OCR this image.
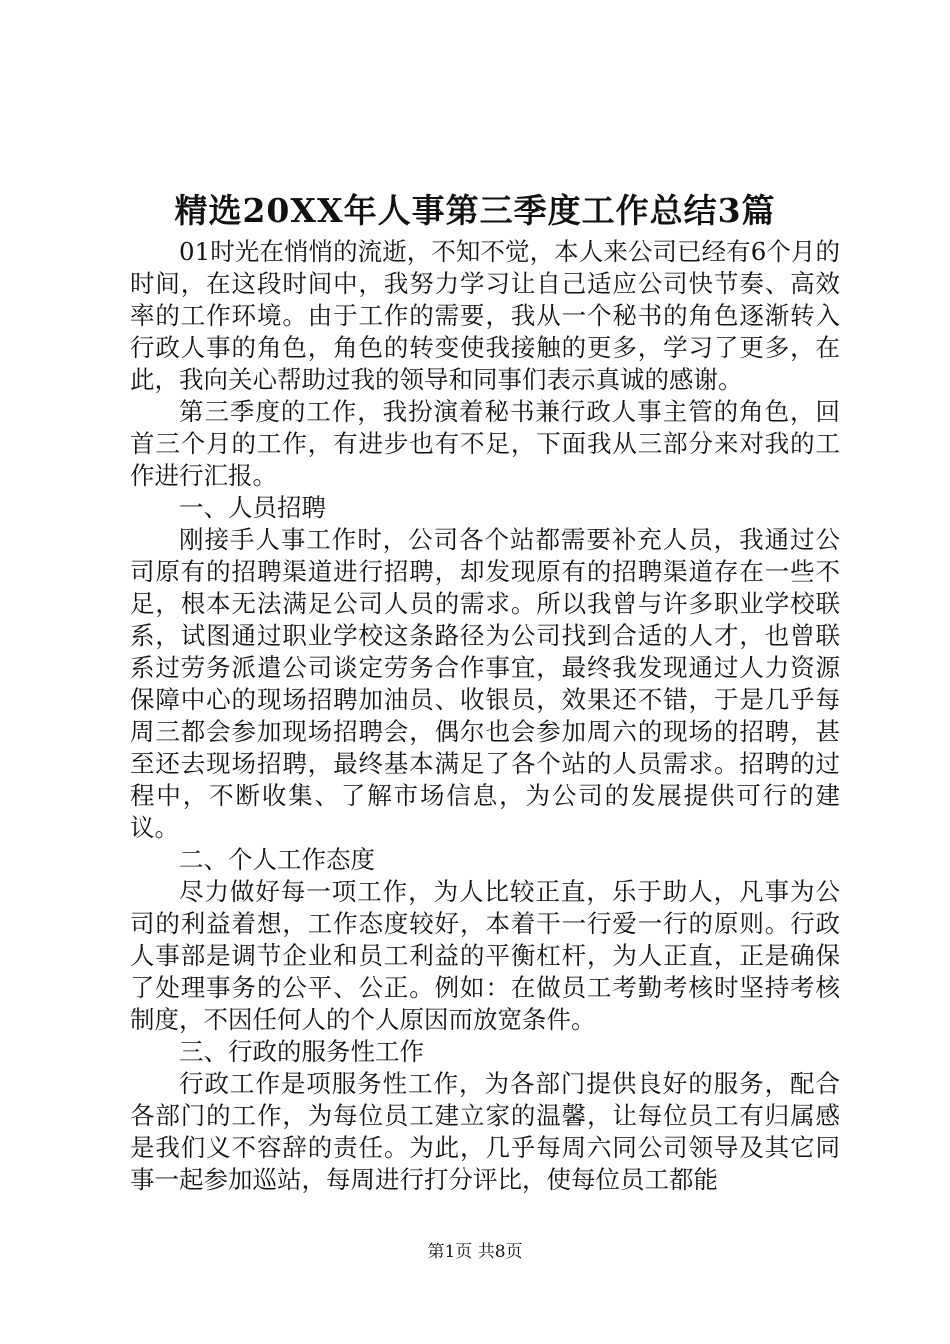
精选20XX年人事第三季度工作总结3篇

01时光在悄悄的流逝，不知不觉，本人来公司已经有6个月的时间，在这段时间中，我努力学习让自己适应公司快节奏、高效率的工作环境。由于工作的需要，我从一个秘书的角色逐渐转入行政人事的角色，角色的转变使我接触的更多，学习了更多，在此，我向关心帮助过我的领导和同事们表示真诚的感谢。

第三季度的工作，我扮演着秘书兼行政人事主管的角色，回首三个月的工作，有进步也有不足，下面我从三部分来对我的工作进行汇报。

一、人员招聘

刚接手人事工作时，公司各个站都需要补充人员，我通过公司原有的招聘渠道进行招聘，却发现原有的招聘渠道存在一些不足，根本无法满足公司人员的需求。所以我曾与许多职业学校联系，试图通过职业学校这条路径为公司找到合适的人才，也曾联系过劳务派遣公司谈定劳务合作事宜，最终我发现通过人力资源保障中心的现场招聘加油员、收银员，效果还不错，于是几乎每周三都会参加现场招聘会，偶尔也会参加周六的现场的招聘，甚至还去现场招聘，最终基本满足了各个站的人员需求。招聘的过程中，不断收集、了解市场信息，为公司的发展提供可行的建议。

二、个人工作态度

尽力做好每一项工作，为人比较正直，乐于助人，凡事为公司的利益着想，工作态度较好，本着干一行爱一行的原则。行政人事部是调节企业和员工利益的平衡杠杆，为人正直，正是确保了处理事务的公平、公正。例如：在做员工考勤考核时坚持考核制度，不因任何人的个人原因而放宽条件。

三、行政的服务性工作

行政工作是项服务性工作，为各部门提供良好的服务，配合各部门的工作，为每位员工建立家的温馨，让每位员工有归属感是我们义不容辞的责任。为此，几乎每周六同公司领导及其它同事一起参加巡站，每周进行打分评比，使每位员工都能

第1页 共8页
